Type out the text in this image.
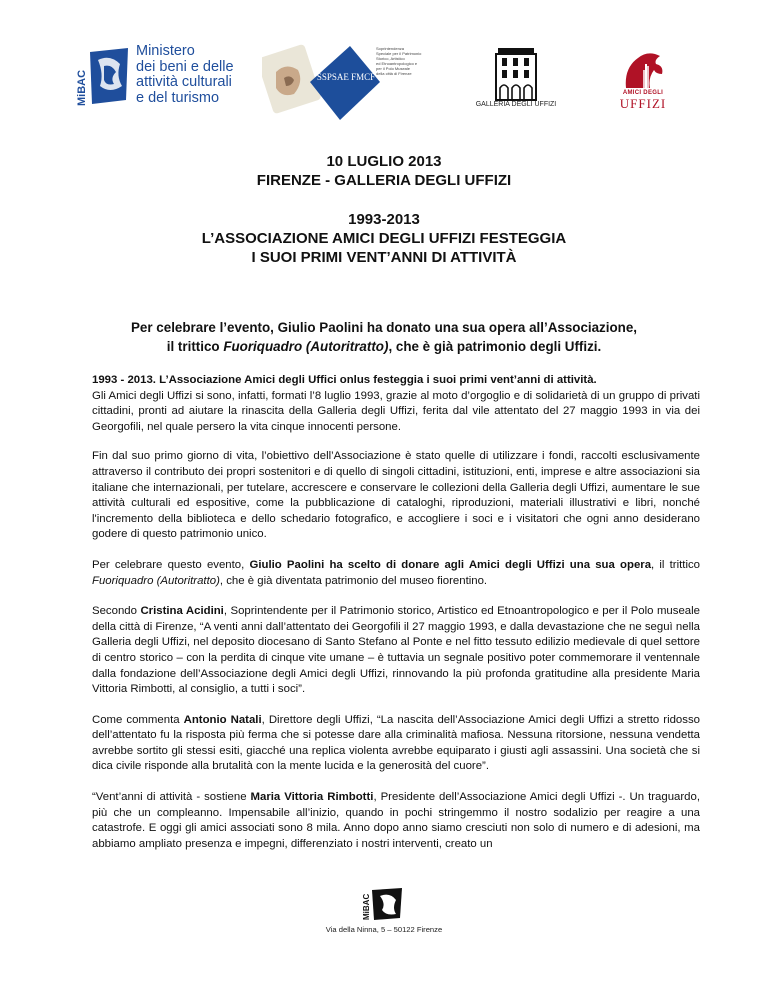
MiBAC
Ministero
dei beni e delle
attività culturali
e del turismo
SSPSAE FMCF
Soprintendenza
Speciale per il Patrimonio
Storico, Artistico
ed Etnoantropologico e
per il Polo Museale
della città di Firenze
GALLERIA DEGLI UFFIZI
AMICI DEGLI
UFFIZI
10 LUGLIO 2013
FIRENZE - GALLERIA DEGLI UFFIZI
1993-2013
L’ASSOCIAZIONE AMICI DEGLI UFFIZI FESTEGGIA
I SUOI PRIMI VENT’ANNI DI ATTIVITÀ
Per celebrare l’evento, Giulio Paolini ha donato una sua opera all’Associazione,
il trittico Fuoriquadro (Autoritratto), che è già patrimonio degli Uffizi.

1993 - 2013. L’Associazione Amici degli Uffici onlus festeggia i suoi primi vent’anni di attività.
Gli Amici degli Uffizi si sono, infatti, formati l’8 luglio 1993, grazie al moto d’orgoglio e di solidarietà di un gruppo di privati cittadini, pronti ad aiutare la rinascita della Galleria degli Uffizi, ferita dal vile attentato del 27 maggio 1993 in via dei Georgofili, nel quale persero la vita cinque innocenti persone.

Fin dal suo primo giorno di vita, l’obiettivo dell’Associazione è stato quelle di utilizzare i fondi, raccolti esclusivamente attraverso il contributo dei propri sostenitori e di quello di singoli cittadini, istituzioni, enti, imprese e altre associazioni sia italiane che internazionali, per tutelare, accrescere e conservare le collezioni della Galleria degli Uffizi, aumentare le sue attività culturali ed espositive, come la pubblicazione di cataloghi, riproduzioni, materiali illustrativi e libri, nonché l'incremento della biblioteca e dello schedario fotografico, e accogliere i soci e i visitatori che ogni anno desiderano godere di questo patrimonio unico.

Per celebrare questo evento, Giulio Paolini ha scelto di donare agli Amici degli Uffizi una sua opera, il trittico Fuoriquadro (Autoritratto), che è già diventata patrimonio del museo fiorentino.

Secondo Cristina Acidini, Soprintendente per il Patrimonio storico, Artistico ed Etnoantropologico e per il Polo museale della città di Firenze, “A venti anni dall’attentato dei Georgofili il 27 maggio 1993, e dalla devastazione che ne seguì nella Galleria degli Uffizi, nel deposito diocesano di Santo Stefano al Ponte e nel fitto tessuto edilizio medievale di quel settore di centro storico – con la perdita di cinque vite umane – è tuttavia un segnale positivo poter commemorare il ventennale dalla fondazione dell’Associazione degli Amici degli Uffizi, rinnovando la più profonda gratitudine alla presidente Maria Vittoria Rimbotti, al consiglio, a tutti i soci”.

Come commenta Antonio Natali, Direttore degli Uffizi, “La nascita dell’Associazione Amici degli Uffizi a stretto ridosso dell’attentato fu la risposta più ferma che si potesse dare alla criminalità mafiosa. Nessuna ritorsione, nessuna vendetta avrebbe sortito gli stessi esiti, giacché una replica violenta avrebbe equiparato i giusti agli assassini. Una società che si dica civile risponde alla brutalità con la mente lucida e la generosità del cuore”.

“Vent’anni di attività - sostiene Maria Vittoria Rimbotti, Presidente dell’Associazione Amici degli Uffizi -. Un traguardo, più che un compleanno. Impensabile all’inizio, quando in pochi stringemmo il nostro sodalizio per reagire a una catastrofe. E oggi gli amici associati sono 8 mila. Anno dopo anno siamo cresciuti non solo di numero e di adesioni, ma abbiamo ampliato presenza e impegni, differenziato i nostri interventi, creato un

MiBAC
Via della Ninna, 5 – 50122 Firenze
